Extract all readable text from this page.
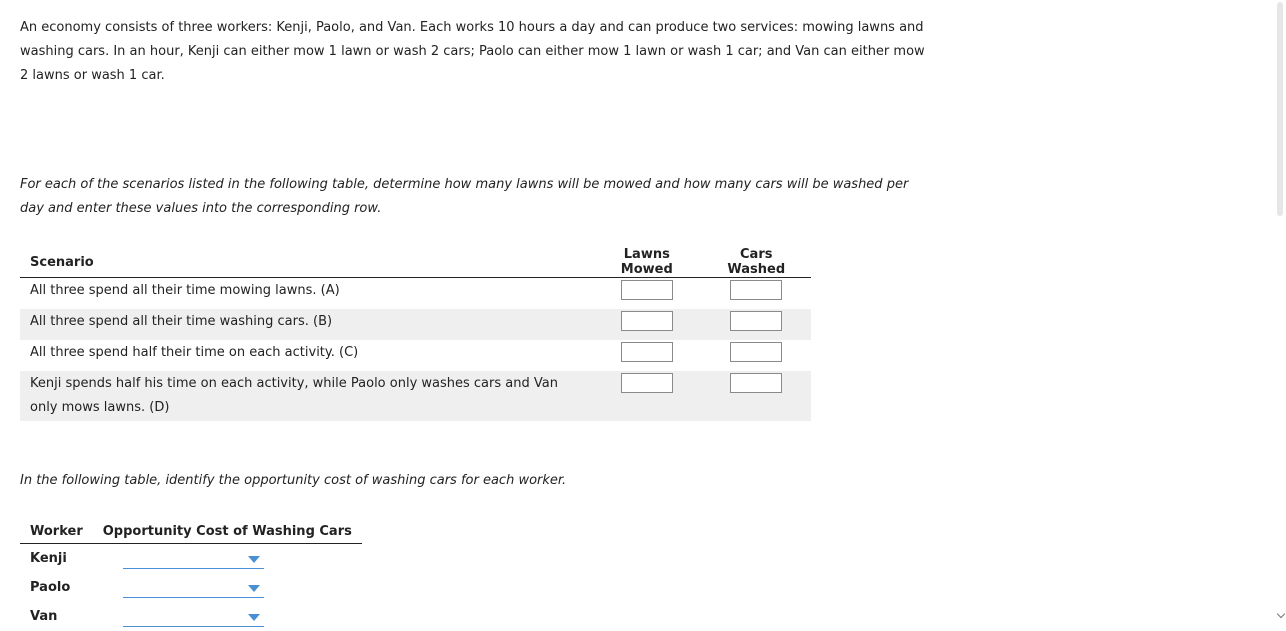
An economy consists of three workers: Kenji, Paolo, and Van. Each works 10 hours a day and can produce two services: mowing lawns and washing cars. In an hour, Kenji can either mow 1 lawn or wash 2 cars; Paolo can either mow 1 lawn or wash 1 car; and Van can either mow 2 lawns or wash 1 car.

For each of the scenarios listed in the following table, determine how many lawns will be mowed and how many cars will be washed per day and enter these values into the corresponding row.

Scenario	Lawns Mowed	Cars Washed
All three spend all their time mowing lawns. (A)		
All three spend all their time washing cars. (B)		
All three spend half their time on each activity. (C)		
Kenji spends half his time on each activity, while Paolo only washes cars and Van only mows lawns. (D)		

In the following table, identify the opportunity cost of washing cars for each worker.

Worker	Opportunity Cost of Washing Cars
Kenji	

Paolo	

Van	
